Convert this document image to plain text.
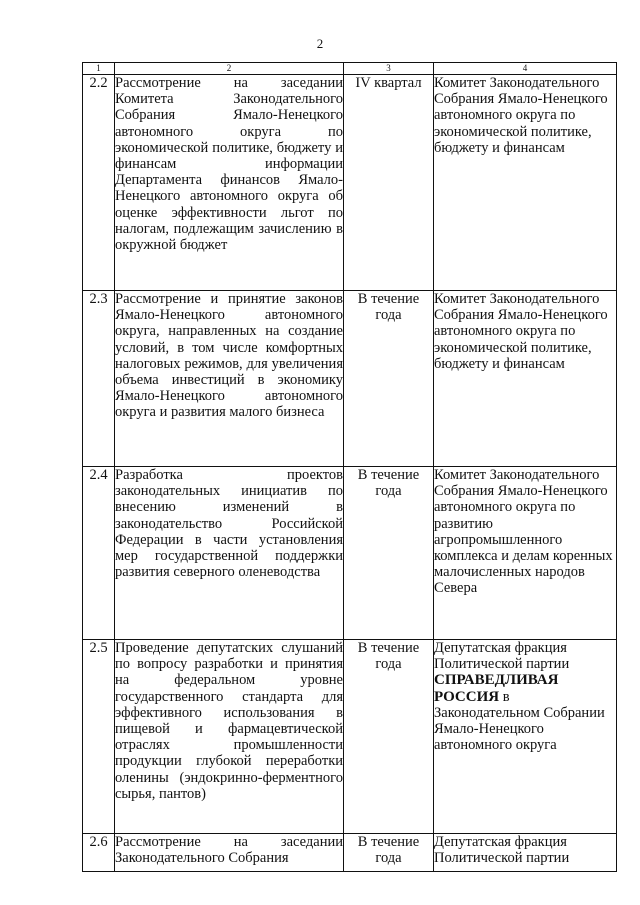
2
1	2	3	4
2.2	Рассмотрение на заседании Комитета Законодательного Собрания Ямало-Ненецкого автономного округа по экономической политике, бюджету и финансам информации Департамента финансов Ямало-Ненецкого автономного округа об оценке эффективности льгот по налогам, подлежащим зачислению в окружной бюджет	IV квартал	Комитет Законодательного Собрания Ямало-Ненецкого автономного округа по экономической политике, бюджету и финансам
2.3	Рассмотрение и принятие законов Ямало-Ненецкого автономного округа, направленных на создание условий, в том числе комфортных налоговых режимов, для увеличения объема инвестиций в экономику Ямало-Ненецкого автономного округа и развития малого бизнеса	В течение года	Комитет Законодательного Собрания Ямало-Ненецкого автономного округа по экономической политике, бюджету и финансам
2.4	Разработка проектов законодательных инициатив по внесению изменений в законодательство Российской Федерации в части установления мер государственной поддержки развития северного оленеводства	В течение года	Комитет Законодательного Собрания Ямало-Ненецкого автономного округа по развитию агропромышленного комплекса и делам коренных малочисленных народов Севера
2.5	Проведение депутатских слушаний по вопросу разработки и принятия на федеральном уровне государственного стандарта для эффективного использования в пищевой и фармацевтической отраслях промышленности продукции глубокой переработки оленины (эндокринно-ферментного сырья, пантов)	В течение года	Депутатская фракция Политической партии СПРАВЕДЛИВАЯ РОССИЯ в Законодательном Собрании Ямало-Ненецкого автономного округа
2.6	Рассмотрение на заседании Законодательного Собрания	В течение года	Депутатская фракция Политической партии
